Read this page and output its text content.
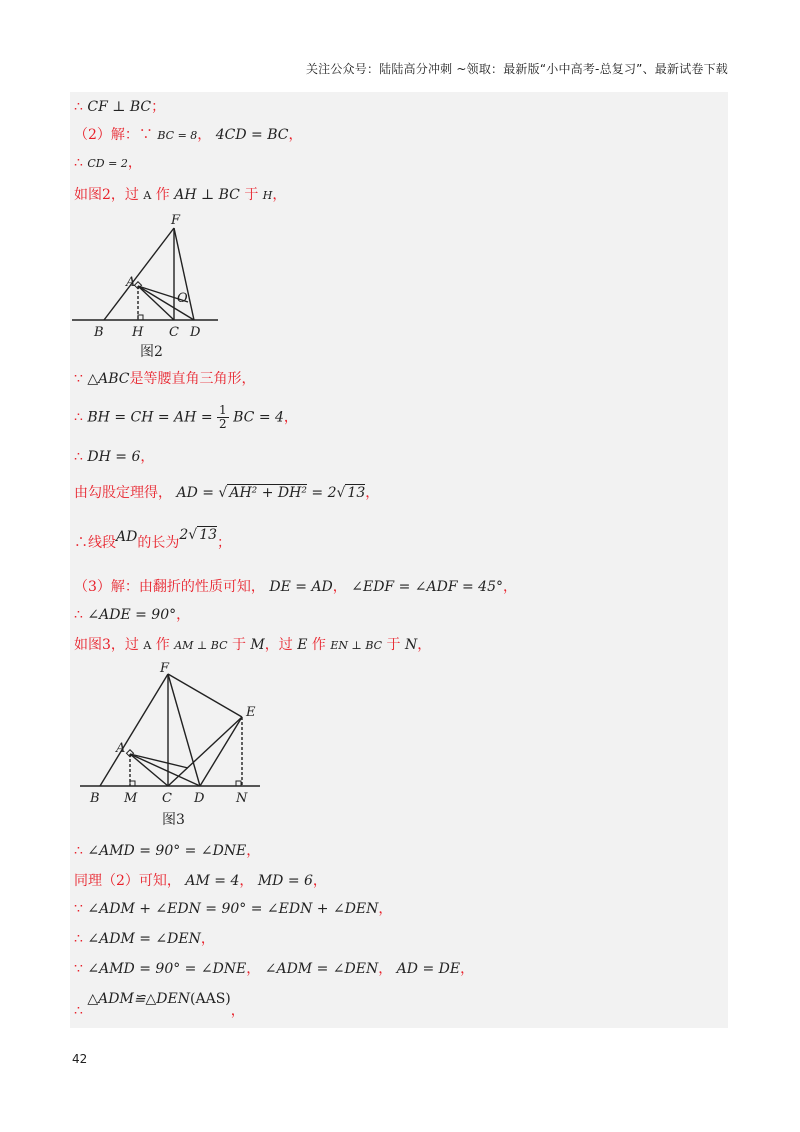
关注公众号：陆陆高分冲刺 ~领取：最新版“小中高考-总复习”、最新试卷下载
∴ CF ⊥ BC；
（2）解：∵ BC = 8， 4CD = BC，
∴ CD = 2，
如图2，过 A 作 AH ⊥ BC 于 H，
F
A
O
B H C D
图2
∵ △ABC是等腰直角三角形，
∴ BH = CH = AH = $\frac{1}{2}$ BC = 4，
∴ DH = 6，
由勾股定理得， AD = √ AH² + DH² = 2√ 13，
∴线段AD的长为2√ 13；
（3）解：由翻折的性质可知， DE = AD， ∠EDF = ∠ADF = 45°，
∴ ∠ADE = 90°，
如图3，过 A 作 AM ⊥ BC 于 M，过 E 作 EN ⊥ BC 于 N，
F
E
A
B M C D N
图3
∴ ∠AMD = 90° = ∠DNE，
同理（2）可知， AM = 4， MD = 6，
∵ ∠ADM + ∠EDN = 90° = ∠EDN + ∠DEN，
∴ ∠ADM = ∠DEN，
∵ ∠AMD = 90° = ∠DNE， ∠ADM = ∠DEN， AD = DE，
∴ △ADM≌△DEN(AAS)，
42
